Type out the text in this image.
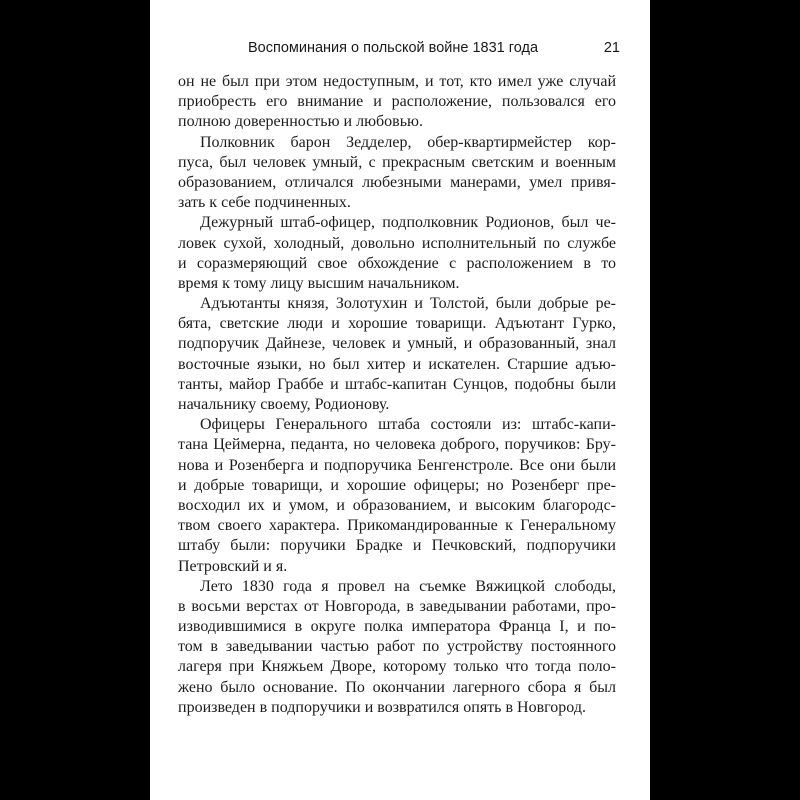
Воспоминания о польской войне 1831 года	21
он не был при этом недоступным, и тот, кто имел уже случай
приобресть его внимание и расположение, пользовался его
полною доверенностью и любовью.
Полковник барон Зедделер, обер-квартирмейстер кор-
пуса, был человек умный, с прекрасным светским и военным
образованием, отличался любезными манерами, умел привя-
зать к себе подчиненных.
Дежурный штаб-офицер, подполковник Родионов, был че-
ловек сухой, холодный, довольно исполнительный по службе
и соразмеряющий свое обхождение с расположением в то
время к тому лицу высшим начальником.
Адъютанты князя, Золотухин и Толстой, были добрые ре-
бята, светские люди и хорошие товарищи. Адъютант Гурко,
подпоручик Дайнезе, человек и умный, и образованный, знал
восточные языки, но был хитер и искателен. Старшие адъю-
танты, майор Граббе и штабс-капитан Сунцов, подобны были
начальнику своему, Родионову.
Офицеры Генерального штаба состояли из: штабс-капи-
тана Цеймерна, педанта, но человека доброго, поручиков: Бру-
нова и Розенберга и подпоручика Бенгенстроле. Все они были
и добрые товарищи, и хорошие офицеры; но Розенберг пре-
восходил их и умом, и образованием, и высоким благородс-
твом своего характера. Прикомандированные к Генеральному
штабу были: поручики Брадке и Печковский, подпоручики
Петровский и я.
Лето 1830 года я провел на съемке Вяжицкой слободы,
в восьми верстах от Новгорода, в заведывании работами, про-
изводившимися в округе полка императора Франца I, и по-
том в заведывании частью работ по устройству постоянного
лагеря при Княжьем Дворе, которому только что тогда поло-
жено было основание. По окончании лагерного сбора я был
произведен в подпоручики и возвратился опять в Новгород.
